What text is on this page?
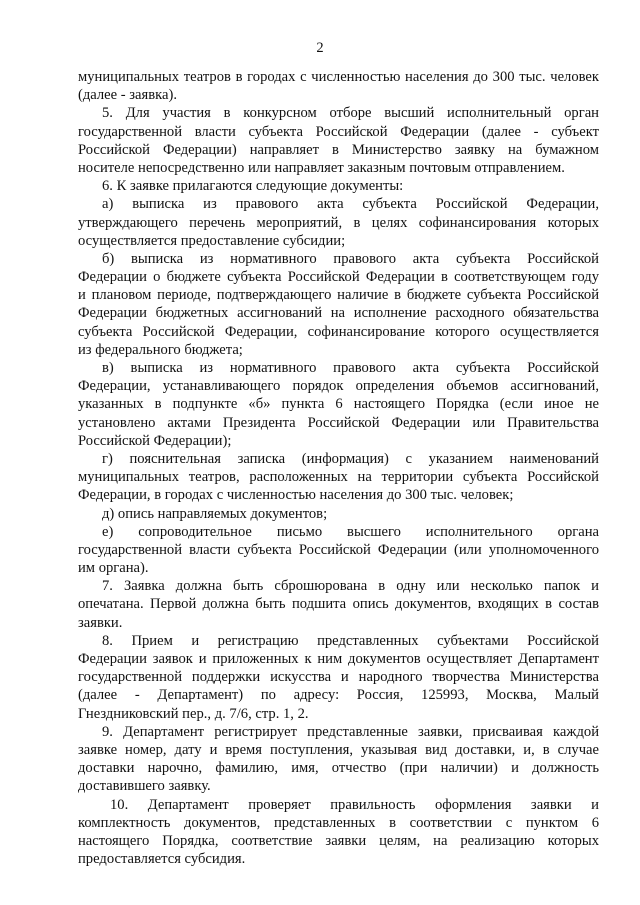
2
муниципальных театров в городах с численностью населения до 300 тыс. человек
(далее - заявка).
5. Для участия в конкурсном отборе высший исполнительный орган
государственной власти субъекта Российской Федерации (далее - субъект
Российской Федерации) направляет в Министерство заявку на бумажном
носителе непосредственно или направляет заказным почтовым отправлением.
6. К заявке прилагаются следующие документы:
а) выписка из правового акта субъекта Российской Федерации,
утверждающего перечень мероприятий, в целях софинансирования которых
осуществляется предоставление субсидии;
б) выписка из нормативного правового акта субъекта Российской
Федерации о бюджете субъекта Российской Федерации в соответствующем году
и плановом периоде, подтверждающего наличие в бюджете субъекта Российской
Федерации бюджетных ассигнований на исполнение расходного обязательства
субъекта Российской Федерации, софинансирование которого осуществляется
из федерального бюджета;
в) выписка из нормативного правового акта субъекта Российской
Федерации, устанавливающего порядок определения объемов ассигнований,
указанных в подпункте «б» пункта 6 настоящего Порядка (если иное не
установлено актами Президента Российской Федерации или Правительства
Российской Федерации);
г) пояснительная записка (информация) с указанием наименований
муниципальных театров, расположенных на территории субъекта Российской
Федерации, в городах с численностью населения до 300 тыс. человек;
д) опись направляемых документов;
е) сопроводительное письмо высшего исполнительного органа
государственной власти субъекта Российской Федерации (или уполномоченного
им органа).
7. Заявка должна быть сброшюрована в одну или несколько папок и
опечатана. Первой должна быть подшита опись документов, входящих в состав
заявки.
8. Прием и регистрацию представленных субъектами Российской
Федерации заявок и приложенных к ним документов осуществляет Департамент
государственной поддержки искусства и народного творчества Министерства
(далее - Департамент) по адресу: Россия, 125993, Москва, Малый
Гнездниковский пер., д. 7/6, стр. 1, 2.
9. Департамент регистрирует представленные заявки, присваивая каждой
заявке номер, дату и время поступления, указывая вид доставки, и, в случае
доставки нарочно, фамилию, имя, отчество (при наличии) и должность
доставившего заявку.
10. Департамент проверяет правильность оформления заявки и
комплектность документов, представленных в соответствии с пунктом 6
настоящего Порядка, соответствие заявки целям, на реализацию которых
предоставляется субсидия.
